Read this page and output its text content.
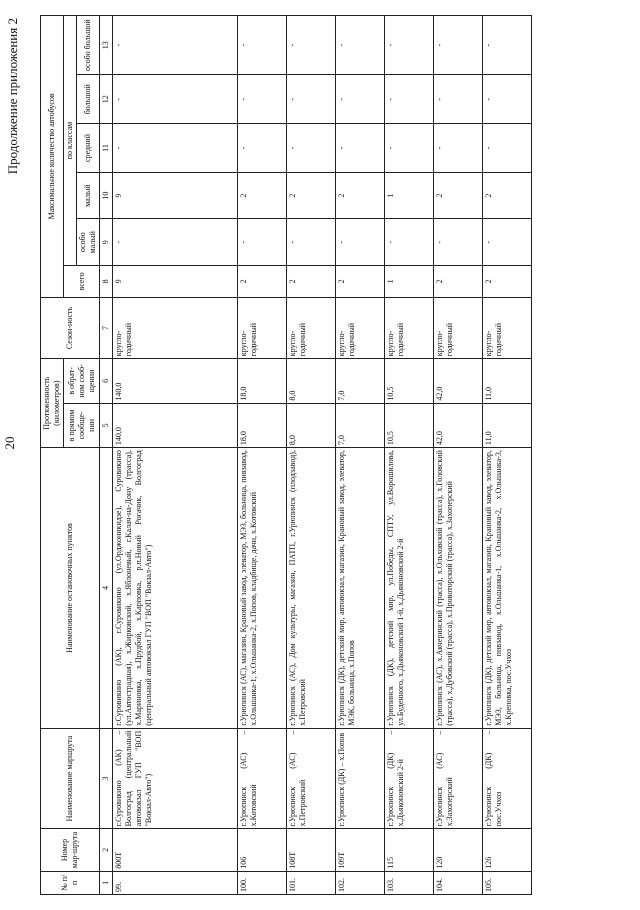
20
Продолжение приложения 2
№ п/п	Номер мар-шрута	Наименование маршрута	Наименование остановочных пунктов	Протяженность (километров)		Сезон-ность	Максимальное количество автобусов					
				в прямом сообще-нии	в обрат-ном сооб-щении		всего	по классам				
								особо малый	малый	средний	большой	особо большой
1	2	3	4	5	6	7	8	9	10	11	12	13
99.	800Т	г.Суровикино (АК) – Волгоград (центральный автовокзал ГУП "ВОП "Вокзал-Авто")	г.Суровикино (АК), г.Суровикино (ул.Орджоникидзе), Суровикино (ул.Автострадная), х.Жирковский, х.Яблоневый, г.Калач-на-Дону (трасса), х.Мариновка, х.Прудбой, х.Карповка, р.п.Новый Рогачик, Волгоград (центральный автовокзал ГУП "ВОП "Вокзал-Авто")	140,0	140,0	кругло-годичный	9	-	9	-	-	-
100.	106	г.Урюпинск (АС) – х.Котовский	г.Урюпинск (АС), магазин, Крановый завод, элеватор, МЭЗ, больница, пивзавод, х.Ольшанка-1, х.Ольшанка-2, х.Попов, кладбище, дачи, х.Котовский	18,0	18,0	кругло-годичный	2	-	2	-	-	-
101.	108Т	г.Урюпинск (АС) – х.Петровский	г.Урюпинск (АС), Дом культуры, магазин, ПАТП, г.Урюпинск (плодзавод), х.Петровский	8,0	8,0	кругло-годичный	2	-	2	-	-	-
102.	109Т	г.Урюпинск (ДК) – х.Попов	г.Урюпинск (ДК), детский мир, автовокзал, магазин, Крановый завод, элеватор, МЭК, больница, х.Попов	7,0	7,0	кругло-годичный	2	-	2	-	-	-
103.	115	г.Урюпинск (ДК) – х.Дьяконовский 2-й	г.Урюпинск (ДК), детский мир, ул.Победы, СПТУ, ул.Ворошилова, ул.Буденного, х.Дьяконовский 1-й, х.Дьяконовский 2-й	10,5	10,5	кругло-годичный	1	-	1	-	-	-
104.	120	г.Урюпинск (АС) – х.Захоперский	г.Урюпинск (АС), х.Акчеринский (трасса), х.Ольховский (трасса), х.Головский (трасса), х.Дубовский (трасса), х.Провоторский (трасса), х.Захоперский	42,0	42,0	кругло-годичный	2	-	2	-	-	-
105.	126	г.Урюпинск (ДК) – пос.Учхоз	г.Урюпинск (ДК), детский мир, автовокзал, магазин, Крановый завод, элеватор, МЭЗ, больница, пивзавод, х.Ольшанка-1, х.Ольшанка-2, х.Ольшанка-3, х.Креповка, пос.Учхоз	11,0	11,0	кругло-годичный	2	-	2	-	-	-
